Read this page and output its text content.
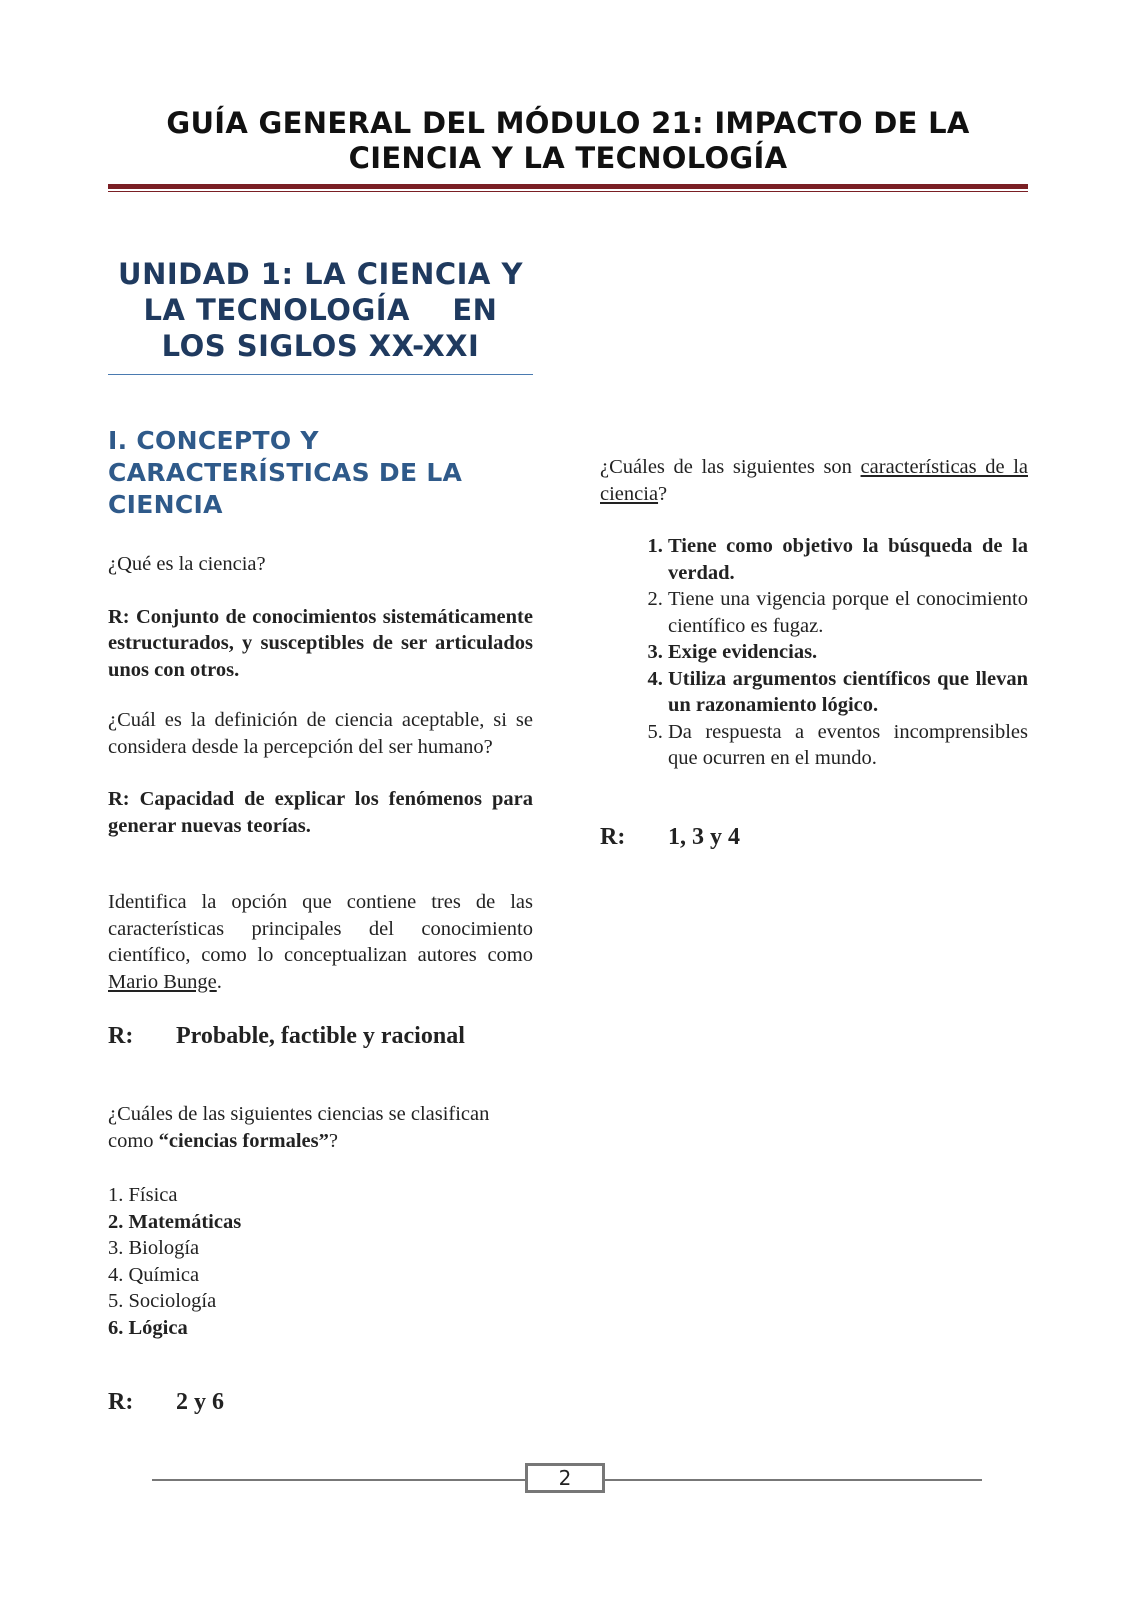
GUÍA GENERAL DEL MÓDULO 21: IMPACTO DE LA CIENCIA Y LA TECNOLOGÍA
UNIDAD 1: LA CIENCIA Y
LA TECNOLOGÍA    EN
LOS SIGLOS XX-XXI
I. CONCEPTO Y
CARACTERÍSTICAS DE LA
CIENCIA

¿Qué es la ciencia?

R: Conjunto de conocimientos sistemáticamente estructurados, y susceptibles de ser articulados unos con otros.

¿Cuál es la definición de ciencia aceptable, si se considera desde la percepción del ser humano?

R: Capacidad de explicar los fenómenos para generar nuevas teorías.

Identifica la opción que contiene tres de las características principales del conocimiento científico, como lo conceptualizan autores como Mario Bunge.

R:	Probable, factible y racional

¿Cuáles de las siguientes ciencias se clasifican como “ciencias formales”?

1. Física
2. Matemáticas
3. Biología
4. Química
5. Sociología
6. Lógica
R:	2 y 6

¿Cuáles de las siguientes son características de la ciencia?

1. Tiene como objetivo la búsqueda de la verdad.
2. Tiene una vigencia porque el conocimiento científico es fugaz.
3. Exige evidencias.
4. Utiliza argumentos científicos que llevan un razonamiento lógico.
5. Da respuesta a eventos incomprensibles que ocurren en el mundo.
R:	1, 3 y 4
2
